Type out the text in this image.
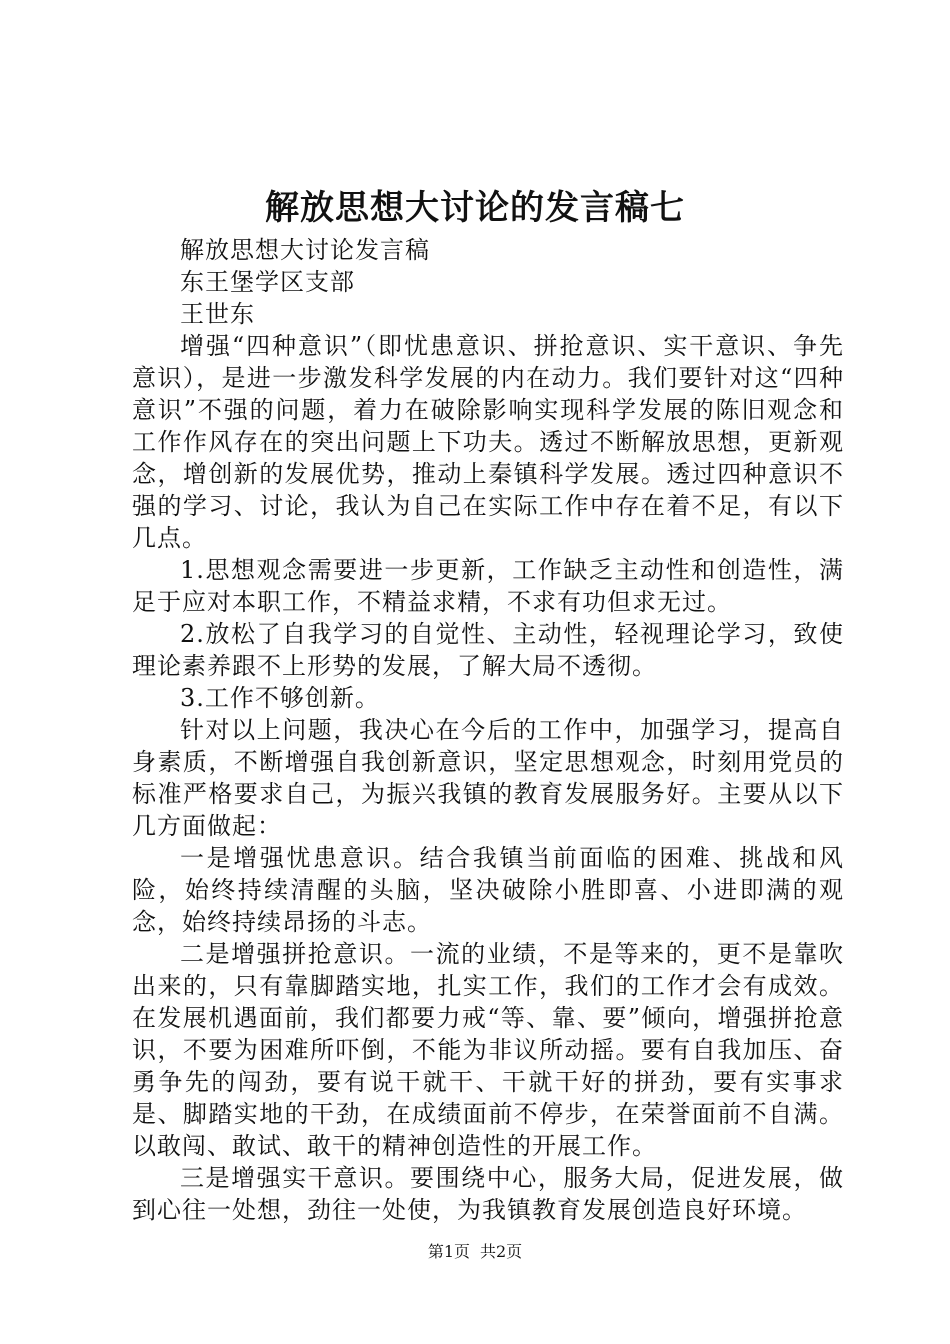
解放思想大讨论的发言稿七

解放思想大讨论发言稿

东王堡学区支部

王世东

增强“四种意识”（即忧患意识、拼抢意识、实干意识、争先意识），是进一步激发科学发展的内在动力。我们要针对这“四种意识”不强的问题，着力在破除影响实现科学发展的陈旧观念和工作作风存在的突出问题上下功夫。透过不断解放思想，更新观念，增创新的发展优势，推动上秦镇科学发展。透过四种意识不强的学习、讨论，我认为自己在实际工作中存在着不足，有以下几点。

1.思想观念需要进一步更新，工作缺乏主动性和创造性，满足于应对本职工作，不精益求精，不求有功但求无过。

2.放松了自我学习的自觉性、主动性，轻视理论学习，致使理论素养跟不上形势的发展，了解大局不透彻。

3.工作不够创新。

针对以上问题，我决心在今后的工作中，加强学习，提高自身素质，不断增强自我创新意识，坚定思想观念，时刻用党员的标准严格要求自己，为振兴我镇的教育发展服务好。主要从以下几方面做起：

一是增强忧患意识。结合我镇当前面临的困难、挑战和风险，始终持续清醒的头脑，坚决破除小胜即喜、小进即满的观念，始终持续昂扬的斗志。

二是增强拼抢意识。一流的业绩，不是等来的，更不是靠吹出来的，只有靠脚踏实地，扎实工作，我们的工作才会有成效。在发展机遇面前，我们都要力戒“等、靠、要”倾向，增强拼抢意识，不要为困难所吓倒，不能为非议所动摇。要有自我加压、奋勇争先的闯劲，要有说干就干、干就干好的拼劲，要有实事求是、脚踏实地的干劲，在成绩面前不停步，在荣誉面前不自满。以敢闯、敢试、敢干的精神创造性的开展工作。

三是增强实干意识。要围绕中心，服务大局，促进发展，做到心往一处想，劲往一处使，为我镇教育发展创造良好环境。

第1页 共2页
